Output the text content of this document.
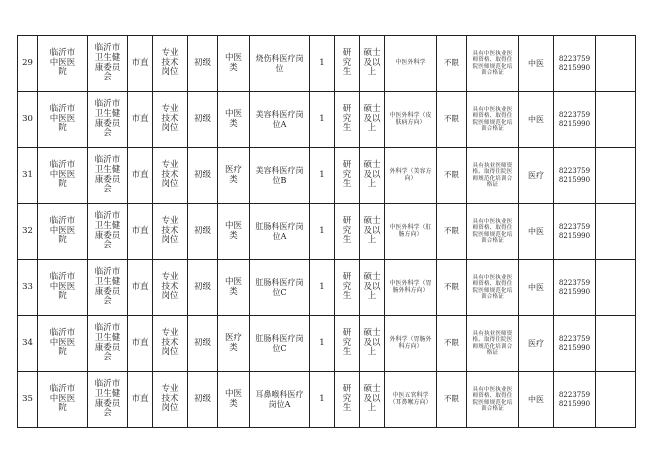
29	临沂市中医医院	临沂市卫生健康委员会	市直	专业技术岗位	初级	中医类	烧伤科医疗岗位	1	研究生	硕士及以上	中医外科学	不限	具有中医执业医师资格、取得住院医师规范化培训合格证	中医	8223759 8215990	
30	临沂市中医医院	临沂市卫生健康委员会	市直	专业技术岗位	初级	中医类	美容科医疗岗位A	1	研究生	硕士及以上	中医外科学（皮肤病方向）	不限	具有中医执业医师资格、取得住院医师规范化培训合格证	中医	8223759 8215990	
31	临沂市中医医院	临沂市卫生健康委员会	市直	专业技术岗位	初级	医疗类	美容科医疗岗位B	1	研究生	硕士及以上	外科学（美容方向）	不限	具有执业医师资格、取得住院医师规范化培训合格证	医疗	8223759 8215990	
32	临沂市中医医院	临沂市卫生健康委员会	市直	专业技术岗位	初级	中医类	肛肠科医疗岗位A	1	研究生	硕士及以上	中医外科学（肛肠方向）	不限	具有中医执业医师资格、取得住院医师规范化培训合格证	中医	8223759 8215990	
33	临沂市中医医院	临沂市卫生健康委员会	市直	专业技术岗位	初级	中医类	肛肠科医疗岗位C	1	研究生	硕士及以上	中医外科学（胃肠外科方向）	不限	具有中医执业医师资格、取得住院医师规范化培训合格证	中医	8223759 8215990	
34	临沂市中医医院	临沂市卫生健康委员会	市直	专业技术岗位	初级	医疗类	肛肠科医疗岗位C	1	研究生	硕士及以上	外科学（胃肠外科方向）	不限	具有执业医师资格、取得住院医师规范化培训合格证	医疗	8223759 8215990	
35	临沂市中医医院	临沂市卫生健康委员会	市直	专业技术岗位	初级	中医类	耳鼻喉科医疗岗位A	1	研究生	硕士及以上	中医五官科学（耳鼻喉方向）	不限	具有中医执业医师资格、取得住院医师规范化培训合格证	中医	8223759 8215990	
